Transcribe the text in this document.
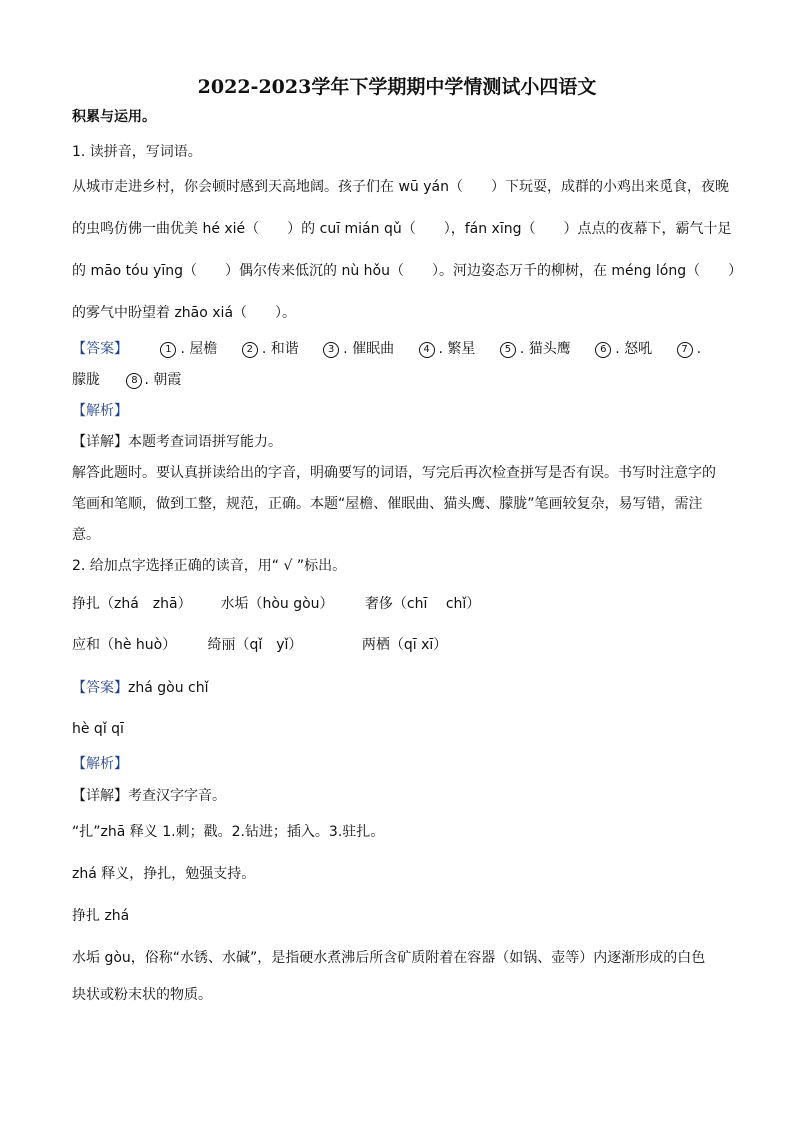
2022-2023学年下学期期中学情测试小四语文
积累与运用。
1. 读拼音，写词语。
从城市走进乡村，你会顿时感到天高地阔。孩子们在 wū yán（　　）下玩耍，成群的小鸡出来觅食，夜晚
的虫鸣仿佛一曲优美 hé xié（　　）的 cuī mián qǔ（　　），fán xīng（　　）点点的夜幕下，霸气十足
的 māo tóu yīng（　　）偶尔传来低沉的 nù hǒu（　　）。河边姿态万千的柳树，在 méng lóng（　　）
的雾气中盼望着 zhāo xiá（　　）。
【答案】	1 . 屋檐	2 . 和谐	3 . 催眠曲	4 . 繁星	5 . 猫头鹰	6 . 怒吼	7 .
朦胧	8 . 朝霞
【解析】
【详解】本题考查词语拼写能力。
解答此题时。要认真拼读给出的字音，明确要写的词语，写完后再次检查拼写是否有误。书写时注意字的
笔画和笔顺，做到工整，规范，正确。本题“屋檐、催眠曲、猫头鹰、朦胧”笔画较复杂，易写错，需注
意。
2. 给加点字选择正确的读音，用“ √ ”标出。
挣扎（zhá　zhā） 水垢（hòu gòu） 奢侈（chī　 chǐ）
应和（hè huò） 绮丽（qǐ　yǐ）	两栖（qī xī）
【答案】zhá gòu chǐ
hè qǐ qī
【解析】
【详解】考查汉字字音。
“扎”zhā 释义 1.刺；戳。2.钻进；插入。3.驻扎。
zhá 释义，挣扎，勉强支持。
挣扎 zhá
水垢 gòu，俗称“水锈、水碱”，是指硬水煮沸后所含矿质附着在容器（如锅、壶等）内逐渐形成的白色
块状或粉末状的物质。
